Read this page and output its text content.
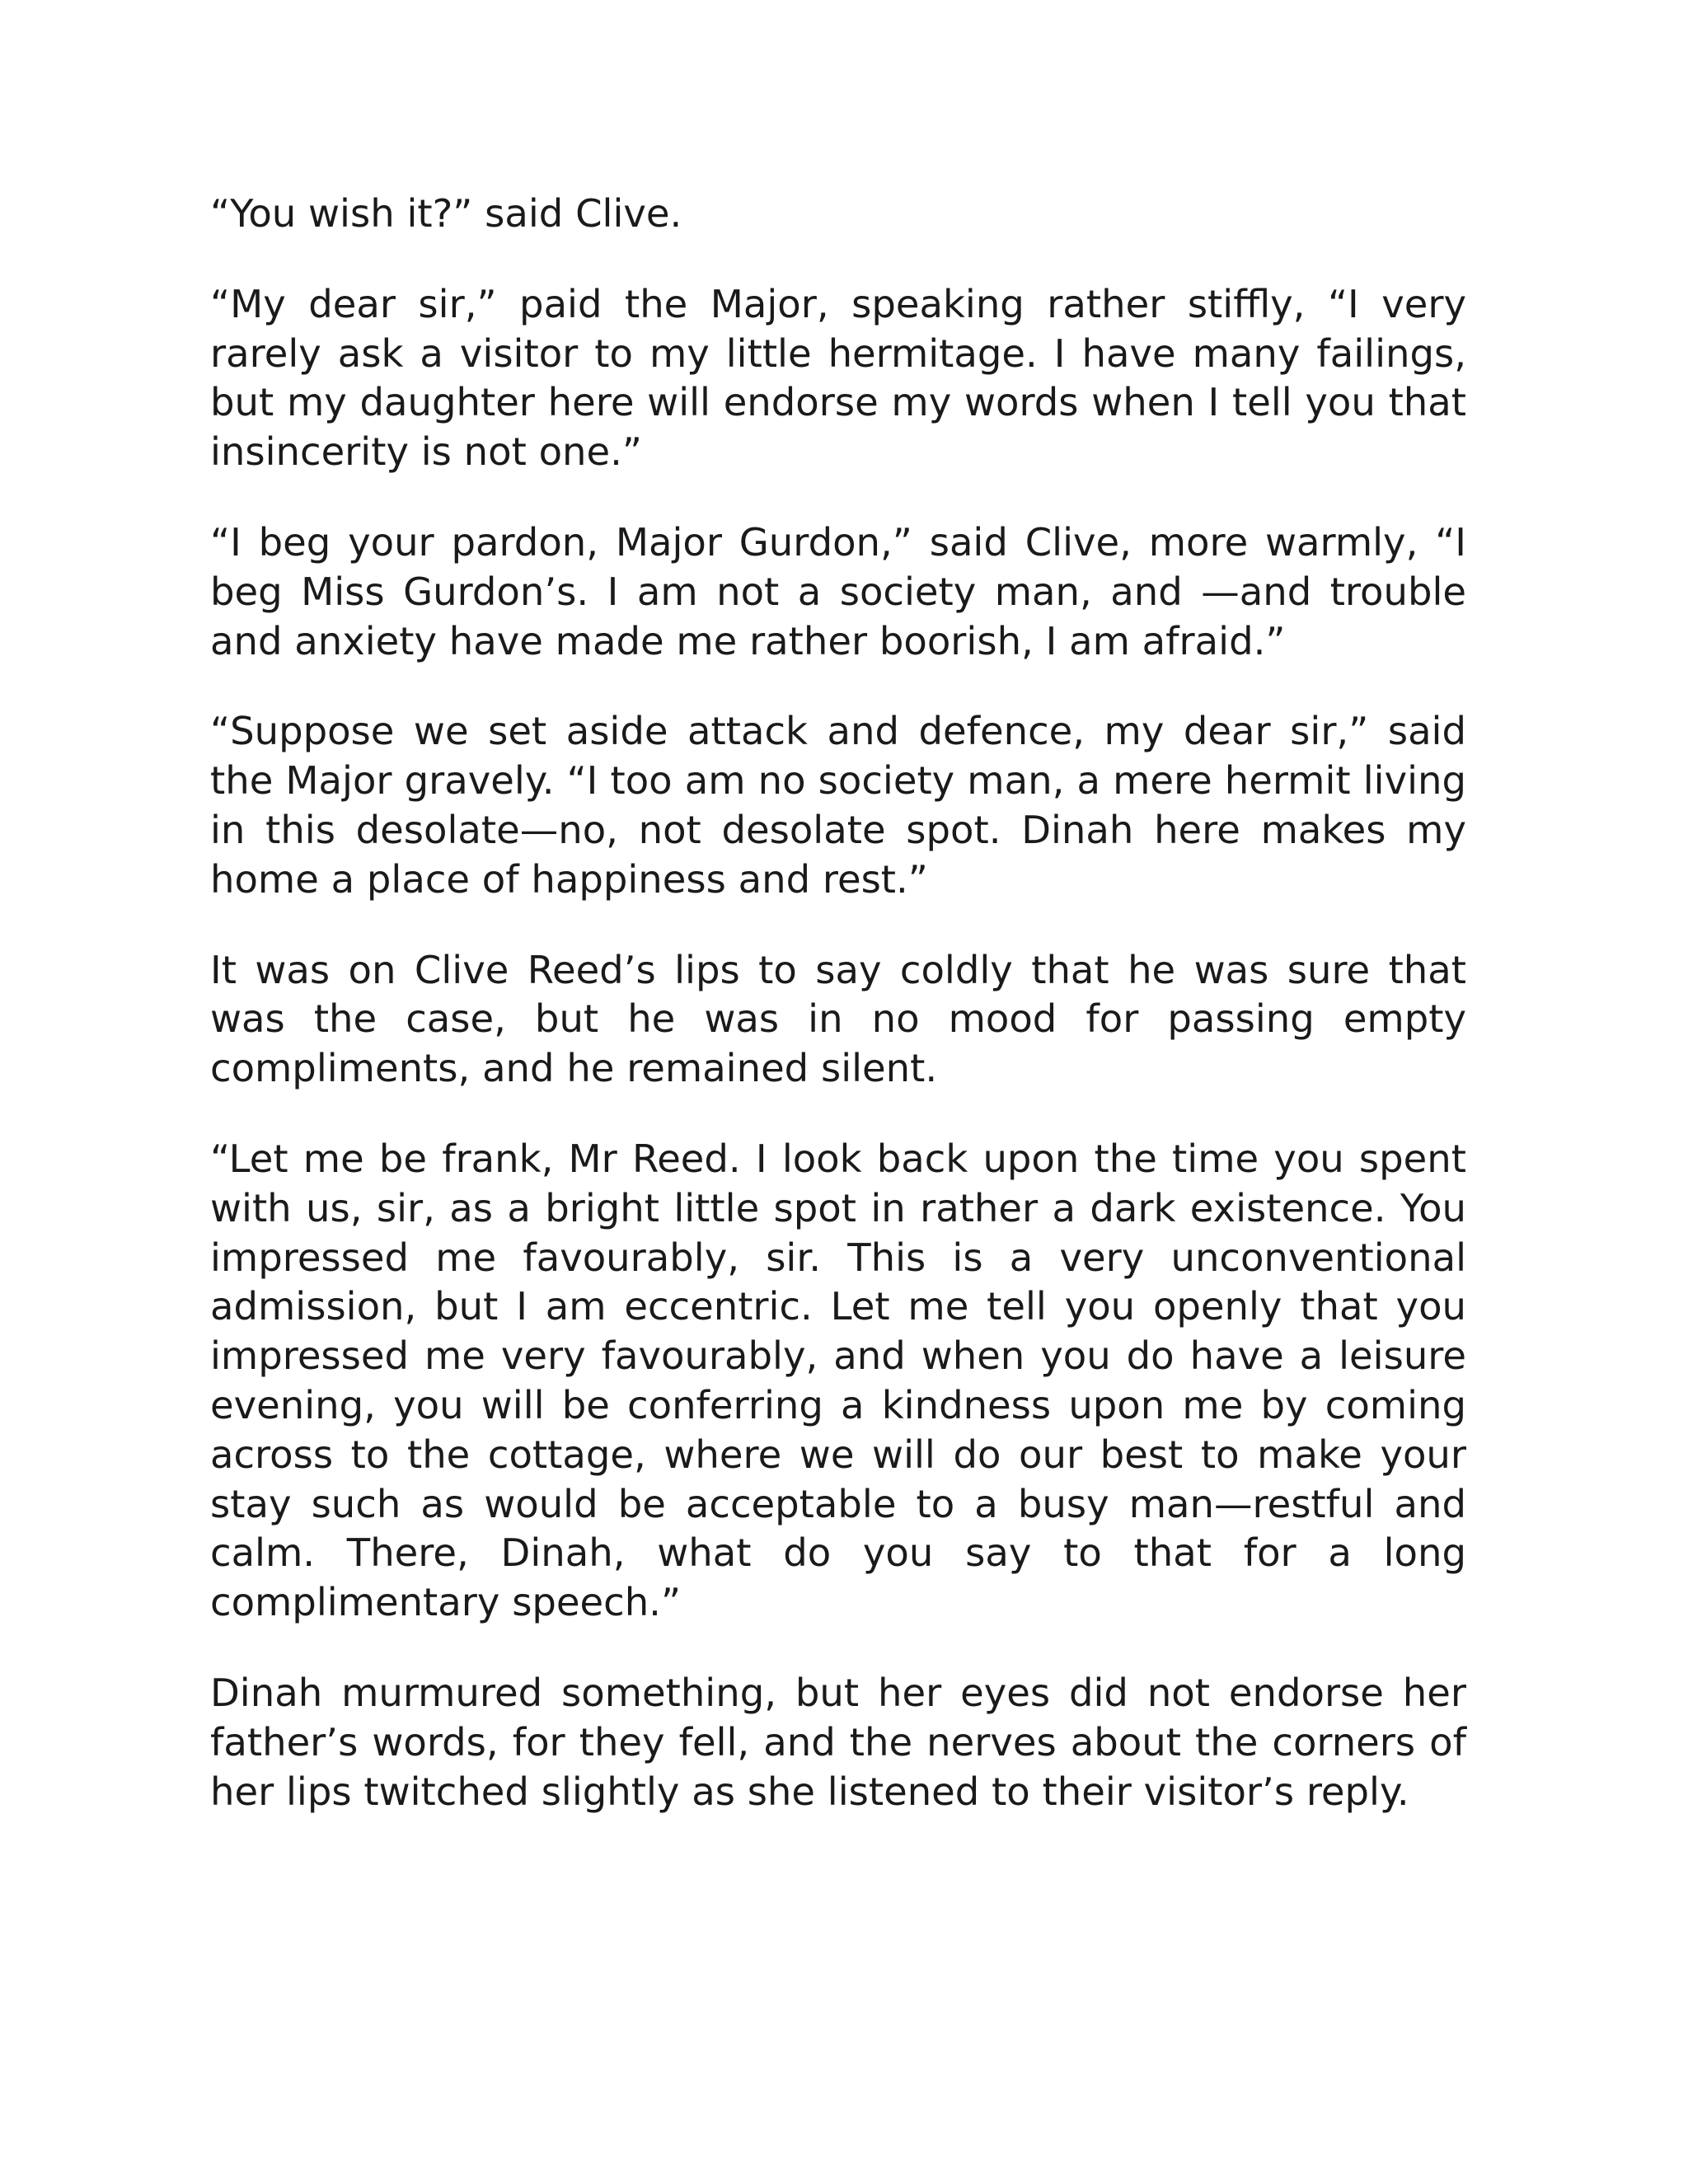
“You wish it?” said Clive.

“My dear sir,” paid the Major, speaking rather stiffly, “I very rarely ask a visitor to my little hermitage. I have many failings, but my daughter here will endorse my words when I tell you that insincerity is not one.”

“I beg your pardon, Major Gurdon,” said Clive, more warmly, “I beg Miss Gurdon’s. I am not a society man, and —and trouble and anxiety have made me rather boorish, I am afraid.”

“Suppose we set aside attack and defence, my dear sir,” said the Major gravely. “I too am no society man, a mere hermit living in this desolate—no, not desolate spot. Dinah here makes my home a place of happiness and rest.”

It was on Clive Reed’s lips to say coldly that he was sure that was the case, but he was in no mood for passing empty compliments, and he remained silent.

“Let me be frank, Mr Reed. I look back upon the time you spent with us, sir, as a bright little spot in rather a dark existence. You impressed me favourably, sir. This is a very unconventional admission, but I am eccentric. Let me tell you openly that you impressed me very favourably, and when you do have a leisure evening, you will be conferring a kindness upon me by coming across to the cottage, where we will do our best to make your stay such as would be acceptable to a busy man—restful and calm. There, Dinah, what do you say to that for a long complimentary speech.”

Dinah murmured something, but her eyes did not endorse her father’s words, for they fell, and the nerves about the corners of her lips twitched slightly as she listened to their visitor’s reply.
